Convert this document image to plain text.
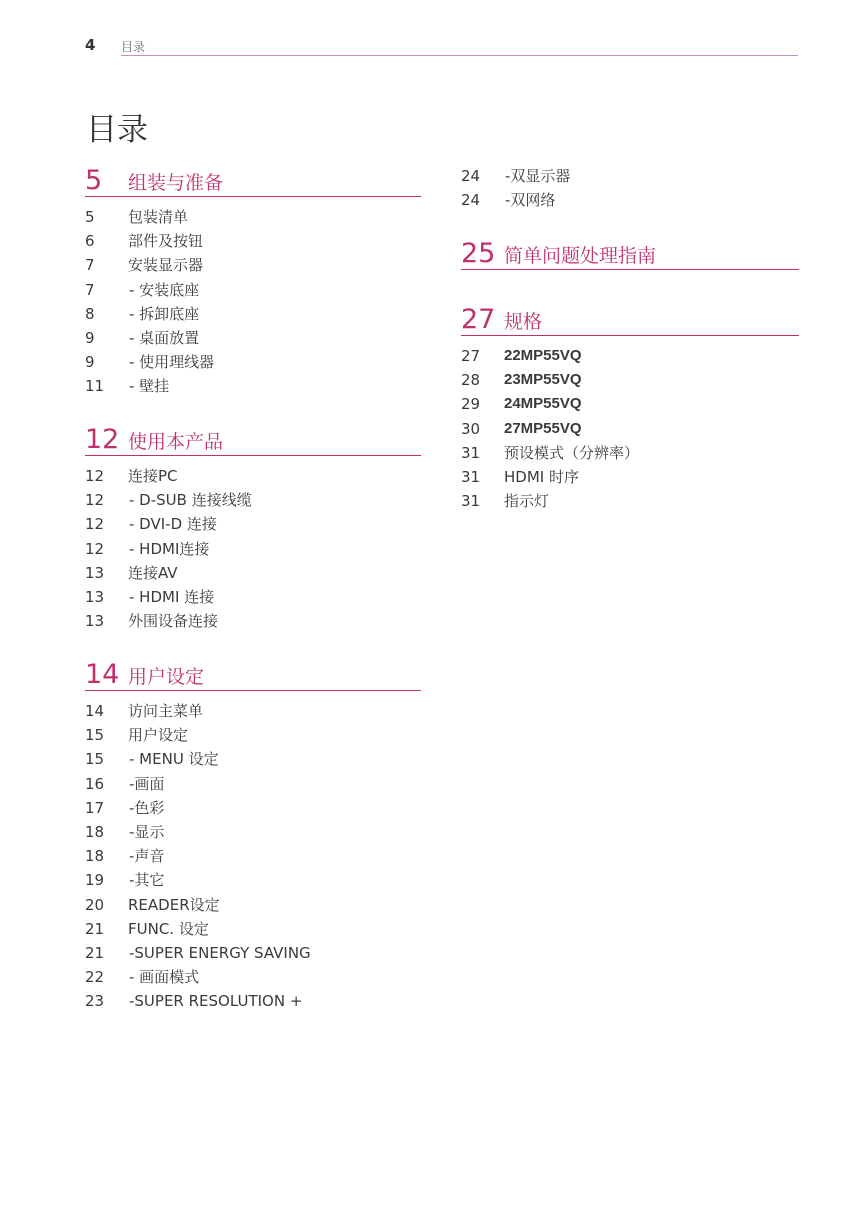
4 目录
目录
5 组装与准备
5 包装清单
6 部件及按钮
7 安装显示器
7 - 安装底座
8 - 拆卸底座
9 - 桌面放置
9 - 使用理线器
11 - 壁挂
12 使用本产品
12 连接PC
12 - D-SUB 连接线缆
12 - DVI-D 连接
12 - HDMI连接
13 连接AV
13 - HDMI 连接
13 外围设备连接
14 用户设定
14 访问主菜单
15 用户设定
15 - MENU 设定
16 -画面
17 -色彩
18 -显示
18 -声音
19 -其它
20 READER设定
21 FUNC. 设定
21 -SUPER ENERGY SAVING
22 - 画面模式
23 -SUPER RESOLUTION +
24 -双显示器
24 -双网络
25 简单问题处理指南
27 规格
27 22MP55VQ
28 23MP55VQ
29 24MP55VQ
30 27MP55VQ
31 预设模式（分辨率）
31 HDMI 时序
31 指示灯
